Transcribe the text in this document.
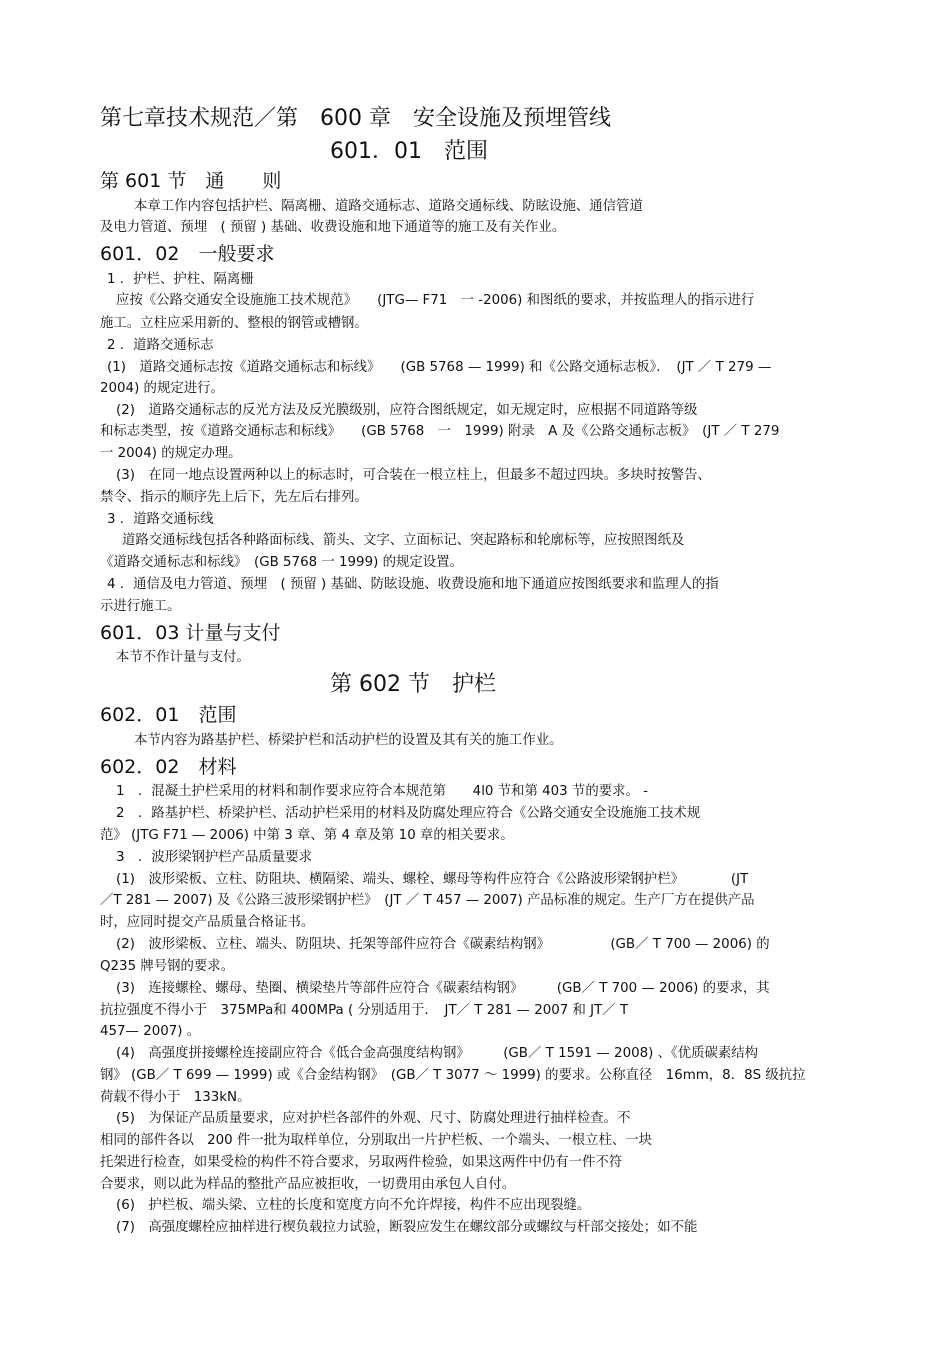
第七章技术规范／第　600 章　安全设施及预埋管线
601．01　范围
第 601 节　通　　则
本章工作内容包括护栏、隔离栅、道路交通标志、道路交通标线、防眩设施、通信管道
及电力管道、预埋　( 预留 ) 基础、收费设施和地下通道等的施工及有关作业。
601．02　一般要求
1 ．护栏、护柱、隔离栅
应按《公路交通安全设施施工技术规范》　　(JTG— F71　一 -2006) 和图纸的要求，并按监理人的指示进行
施工。立柱应采用新的、整根的钢管或槽钢。
2 ．道路交通标志
(1)　道路交通标志按《道路交通标志和标线》　　(GB 5768 — 1999) 和《公路交通标志板》．　(JT ／ T 279 —
2004) 的规定进行。
(2)　道路交通标志的反光方法及反光膜级别，应符合图纸规定，如无规定时，应根据不同道路等级
和标志类型，按《道路交通标志和标线》　　(GB 5768　一　1999) 附录　A 及《公路交通标志板》　(JT ／ T 279
一 2004) 的规定办理。
(3)　在同一地点设置两种以上的标志时，可合装在一根立柱上，但最多不超过四块。多块时按警告、
禁令、指示的顺序先上后下，先左后右排列。
3 ．道路交通标线
道路交通标线包括各种路面标线、箭头、文字、立面标记、突起路标和轮廓标等，应按照图纸及
《道路交通标志和标线》　(GB 5768 一 1999) 的规定设置。
4 ．通信及电力管道、预埋　( 预留 ) 基础、防眩设施、收费设施和地下通道应按图纸要求和监理人的指
示进行施工。
601．03 计量与支付
本节不作计量与支付。
第 602 节　护栏
602．01　范围
本节内容为路基护栏、桥梁护栏和活动护栏的设置及其有关的施工作业。
602．02　材料
1　．混凝土护栏采用的材料和制作要求应符合本规范第　　4l0 节和第 403 节的要求。 -
2　．路基护栏、桥梁护栏、活动护栏采用的材料及防腐处理应符合《公路交通安全设施施工技术规
范》 (JTG F71 — 2006) 中第 3 章、第 4 章及第 10 章的相关要求。
3　．波形梁钢护栏产品质量要求
(1)　波形梁板、立柱、防阻块、横隔梁、端头、螺栓、螺母等构件应符合《公路波形梁钢护栏》　　　　(JT
／T 281 — 2007) 及《公路三波形梁钢护栏》　(JT ／ T 457 — 2007) 产品标准的规定。生产厂方在提供产品
时，应同时提交产品质量合格证书。
(2)　波形梁板、立柱、端头、防阻块、托架等部件应符合《碳素结构钢》　　　　　(GB／ T 700 — 2006) 的
Q235 牌号钢的要求。
(3)　连接螺栓、螺母、垫圈、横梁垫片等部件应符合《碳素结构钢》　　　(GB／ T 700 — 2006) 的要求，其
抗拉强度不得小于　375MPa和 400MPa ( 分别适用于．　JT／ T 281 — 2007 和 JT／ T
457— 2007) 。
(4)　高强度拼接螺栓连接副应符合《低合金高强度结构钢》　　　(GB／ T 1591 — 2008) 、《优质碳素结构
钢》 (GB／ T 699 — 1999) 或《合金结构钢》　(GB／ T 3077 ～ 1999) 的要求。公称直径　16mm，8．8S 级抗拉
荷载不得小于　133kN。
(5)　为保证产品质量要求，应对护栏各部件的外观、尺寸、防腐处理进行抽样检查。不
相同的部件各以　200 件一批为取样单位，分别取出一片护栏板、一个端头、一根立柱、一块
托架进行检查，如果受检的构件不符合要求，另取两件检验，如果这两件中仍有一件不符
合要求，则以此为样品的整批产品应被拒收，一切费用由承包人自付。
(6)　护栏板、端头梁、立柱的长度和宽度方向不允许焊接，构件不应出现裂缝。
(7)　高强度螺栓应抽样进行楔负载拉力试验，断裂应发生在螺纹部分或螺纹与杆部交接处；如不能
